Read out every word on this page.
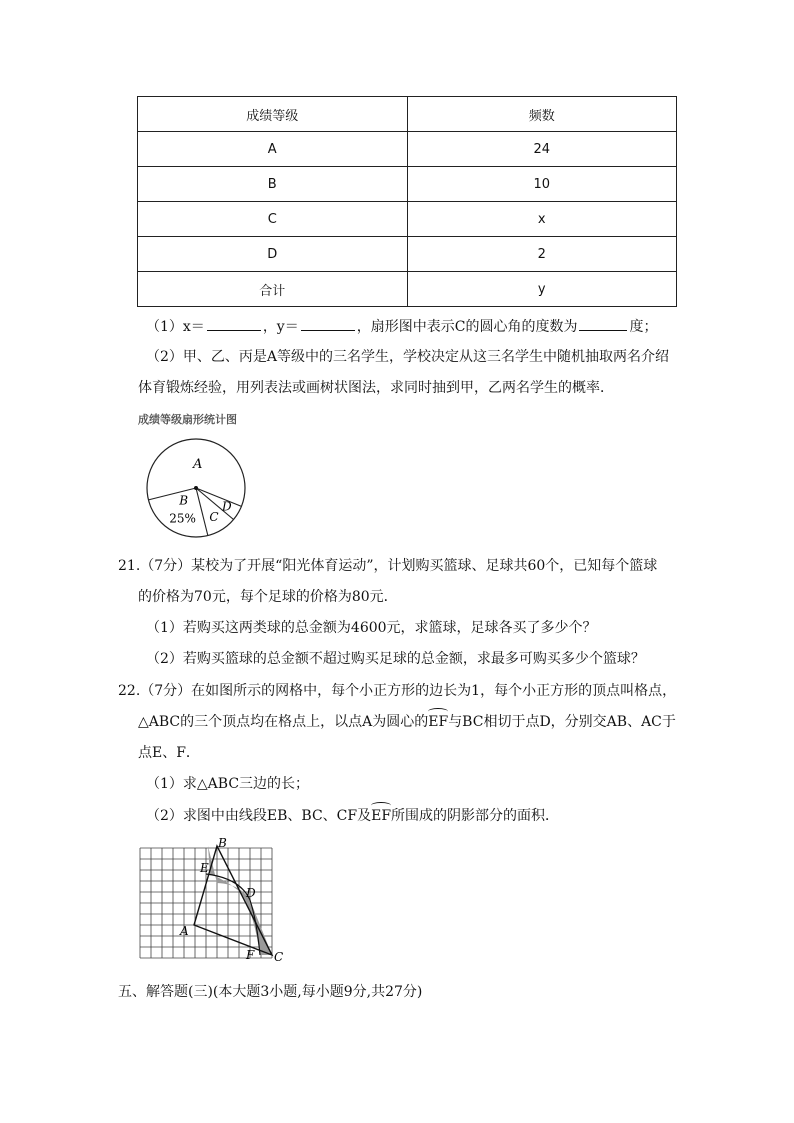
成绩等级	频数
A	24
B	10
C	x
D	2
合计	y
（1）x＝	，y＝	，扇形图中表示C的圆心角的度数为	度；
（2）甲、乙、丙是A等级中的三名学生，学校决定从这三名学生中随机抽取两名介绍
体育锻炼经验，用列表法或画树状图法，求同时抽到甲，乙两名学生的概率．
成绩等级扇形统计图
A
B
25% C
D
21.（7分）某校为了开展“阳光体育运动”，计划购买篮球、足球共60个，已知每个篮球
的价格为70元，每个足球的价格为80元．
（1）若购买这两类球的总金额为4600元，求篮球，足球各买了多少个？
（2）若购买篮球的总金额不超过购买足球的总金额，求最多可购买多少个篮球？
22.（7分）在如图所示的网格中，每个小正方形的边长为1，每个小正方形的顶点叫格点，
△ABC的三个顶点均在格点上，以点A为圆心的EF与BC相切于点D，分别交AB、AC于
点E、F．
（1）求△ABC三边的长；
（2）求图中由线段EB、BC、CF及EF所围成的阴影部分的面积．
B
E
D
A
F C
五、解答题(三)(本大题3小题,每小题9分,共27分)
